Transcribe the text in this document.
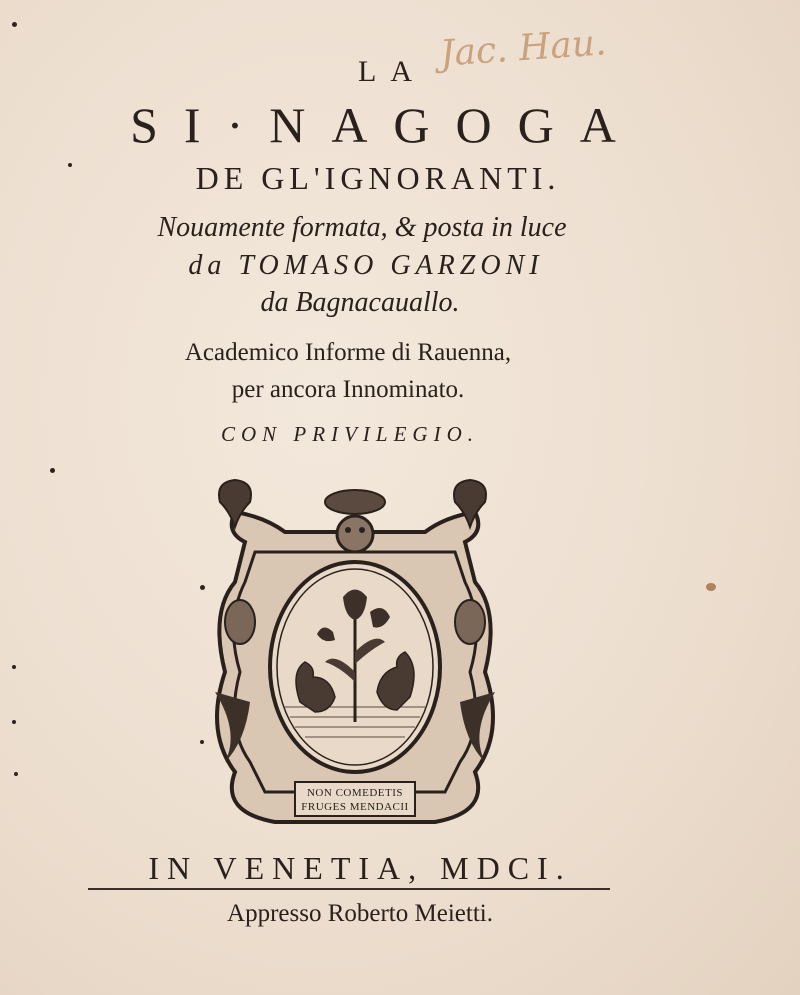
Jac. Hau.
LA
SI·NAGOGA
DE GL'IGNORANTI.
Nouamente formata, & posta in luce
da TOMASO GARZONI
da Bagnacauallo.
Academico Informe di Rauenna,
per ancora Innominato.
CON PRIVILEGIO.
NON COMEDETIS
FRUGES MENDACII
IN VENETIA, MDCI.
Appresso Roberto Meietti.
